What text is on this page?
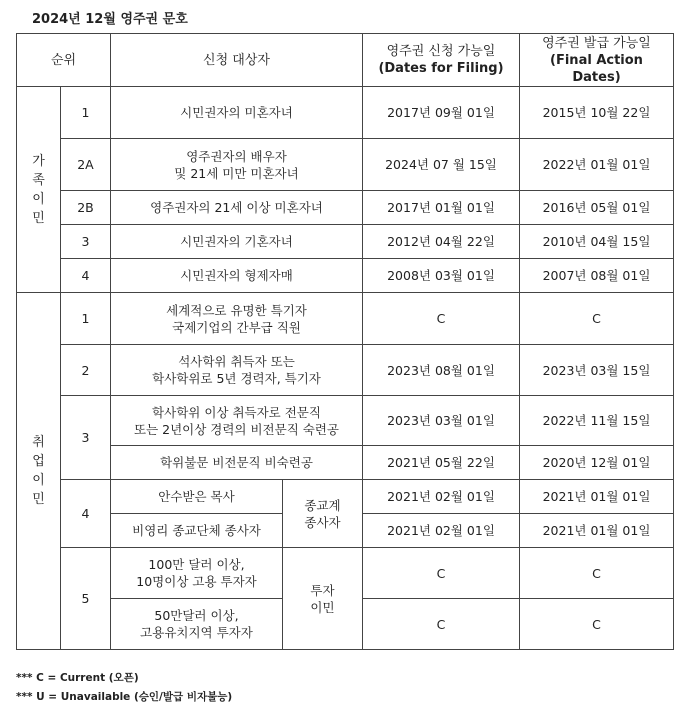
2024년 12월 영주권 문호
순위		신청 대상자		영주권 신청 가능일
(Dates for Filing)	영주권 발급 가능일
(Final Action Dates)

가
족
이
민	1	시민권자의 미혼자녀		2017년 09월 01일	2015년 10월 22일
	2A	영주권자의 배우자
및 21세 미만 미혼자녀		2024년 07 월 15일	2022년 01월 01일
	2B	영주권자의 21세 이상 미혼자녀		2017년 01월 01일	2016년 05월 01일
	3	시민권자의 기혼자녀		2012년 04월 22일	2010년 04월 15일
	4	시민권자의 형제자매		2008년 03월 01일	2007년 08월 01일

취
업
이
민	1	세계적으로 유명한 특기자
국제기업의 간부급 직원		C	C
	2	석사학위 취득자 또는
학사학위로 5년 경력자, 특기자		2023년 08월 01일	2023년 03월 15일
	3	학사학위 이상 취득자로 전문직
또는 2년이상 경력의 비전문직 숙련공		2023년 03월 01일	2022년 11월 15일
		학위불문 비전문직 비숙련공		2021년 05월 22일	2020년 12월 01일
	4	안수받은 목사	종교계
종사자	2021년 02월 01일	2021년 01월 01일
		비영리 종교단체 종사자		2021년 02월 01일	2021년 01월 01일
	5	100만 달러 이상,
10명이상 고용 투자자	투자
이민	C	C
		50만달러 이상,
고용유치지역 투자자		C	C
*** C = Current (오픈)
*** U = Unavailable (승인/발급 비자불능)
